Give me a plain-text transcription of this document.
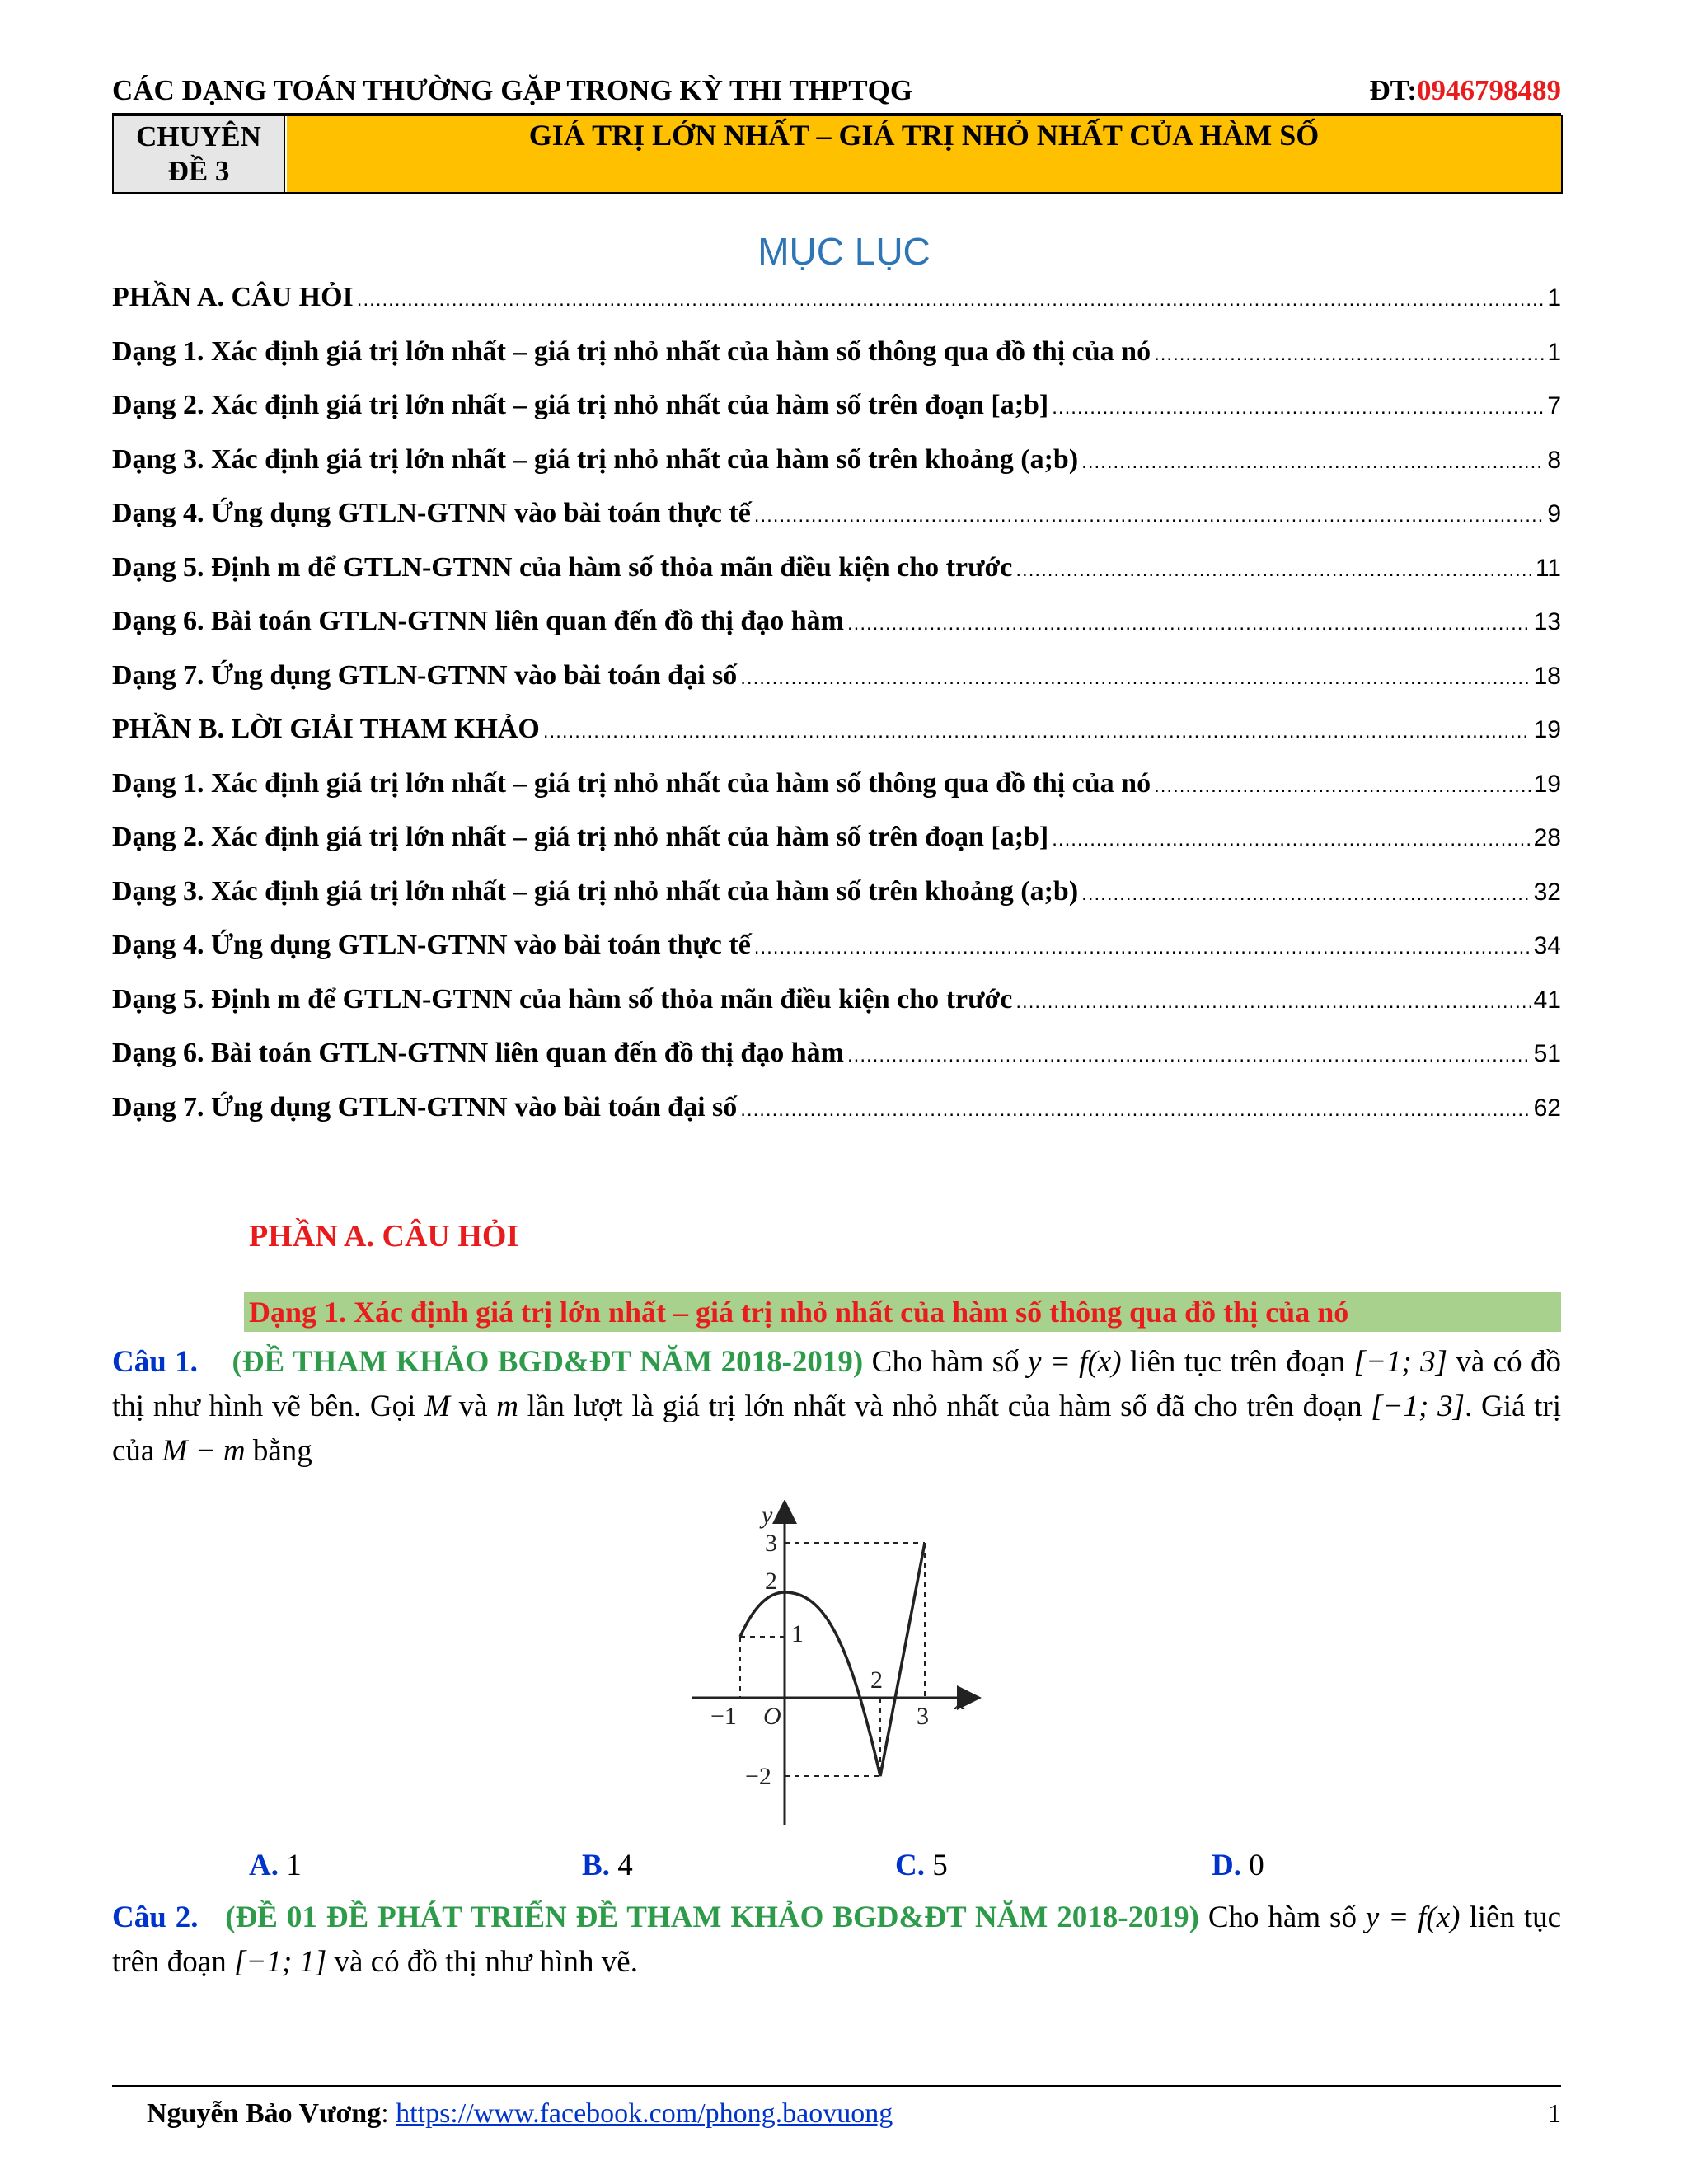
CÁC DẠNG TOÁN THƯỜNG GẶP TRONG KỲ THI THPTQG	ĐT:0946798489
CHUYÊN
ĐỀ 3
GIÁ TRỊ LỚN NHẤT – GIÁ TRỊ NHỎ NHẤT CỦA HÀM SỐ
MỤC LỤC
PHẦN A. CÂU HỎI .....	1
Dạng 1. Xác định giá trị lớn nhất – giá trị nhỏ nhất của hàm số thông qua đồ thị của nó .....	1
Dạng 2. Xác định giá trị lớn nhất – giá trị nhỏ nhất của hàm số trên đoạn [a;b] .....	7
Dạng 3. Xác định giá trị lớn nhất – giá trị nhỏ nhất của hàm số trên khoảng (a;b) .....	8
Dạng 4. Ứng dụng GTLN-GTNN vào bài toán thực tế .....	9
Dạng 5. Định m để GTLN-GTNN của hàm số thỏa mãn điều kiện cho trước .....	11
Dạng 6. Bài toán GTLN-GTNN liên quan đến đồ thị đạo hàm .....	13
Dạng 7. Ứng dụng GTLN-GTNN vào bài toán đại số .....	18
PHẦN B. LỜI GIẢI THAM KHẢO .....	19
Dạng 1. Xác định giá trị lớn nhất – giá trị nhỏ nhất của hàm số thông qua đồ thị của nó .....	19
Dạng 2. Xác định giá trị lớn nhất – giá trị nhỏ nhất của hàm số trên đoạn [a;b] .....	28
Dạng 3. Xác định giá trị lớn nhất – giá trị nhỏ nhất của hàm số trên khoảng (a;b) .....	32
Dạng 4. Ứng dụng GTLN-GTNN vào bài toán thực tế .....	34
Dạng 5. Định m để GTLN-GTNN của hàm số thỏa mãn điều kiện cho trước .....	41
Dạng 6. Bài toán GTLN-GTNN liên quan đến đồ thị đạo hàm .....	51
Dạng 7. Ứng dụng GTLN-GTNN vào bài toán đại số .....	62
PHẦN A. CÂU HỎI
Dạng 1. Xác định giá trị lớn nhất – giá trị nhỏ nhất của hàm số thông qua đồ thị của nó
Câu 1. (ĐỀ THAM KHẢO BGD&ĐT NĂM 2018-2019) Cho hàm số y = f(x) liên tục trên đoạn [−1; 3] và có đồ thị như hình vẽ bên. Gọi M và m lần lượt là giá trị lớn nhất và nhỏ nhất của hàm số đã cho trên đoạn [−1; 3]. Giá trị của M − m bằng
y
x
O
3
2
1
−2
−1
2
3
A. 1	B. 4	C. 5	D. 0
Câu 2. (ĐỀ 01 ĐỀ PHÁT TRIỂN ĐỀ THAM KHẢO BGD&ĐT NĂM 2018-2019) Cho hàm số y = f(x) liên tục trên đoạn [−1; 1] và có đồ thị như hình vẽ.
Nguyễn Bảo Vương: https://www.facebook.com/phong.baovuong	1
